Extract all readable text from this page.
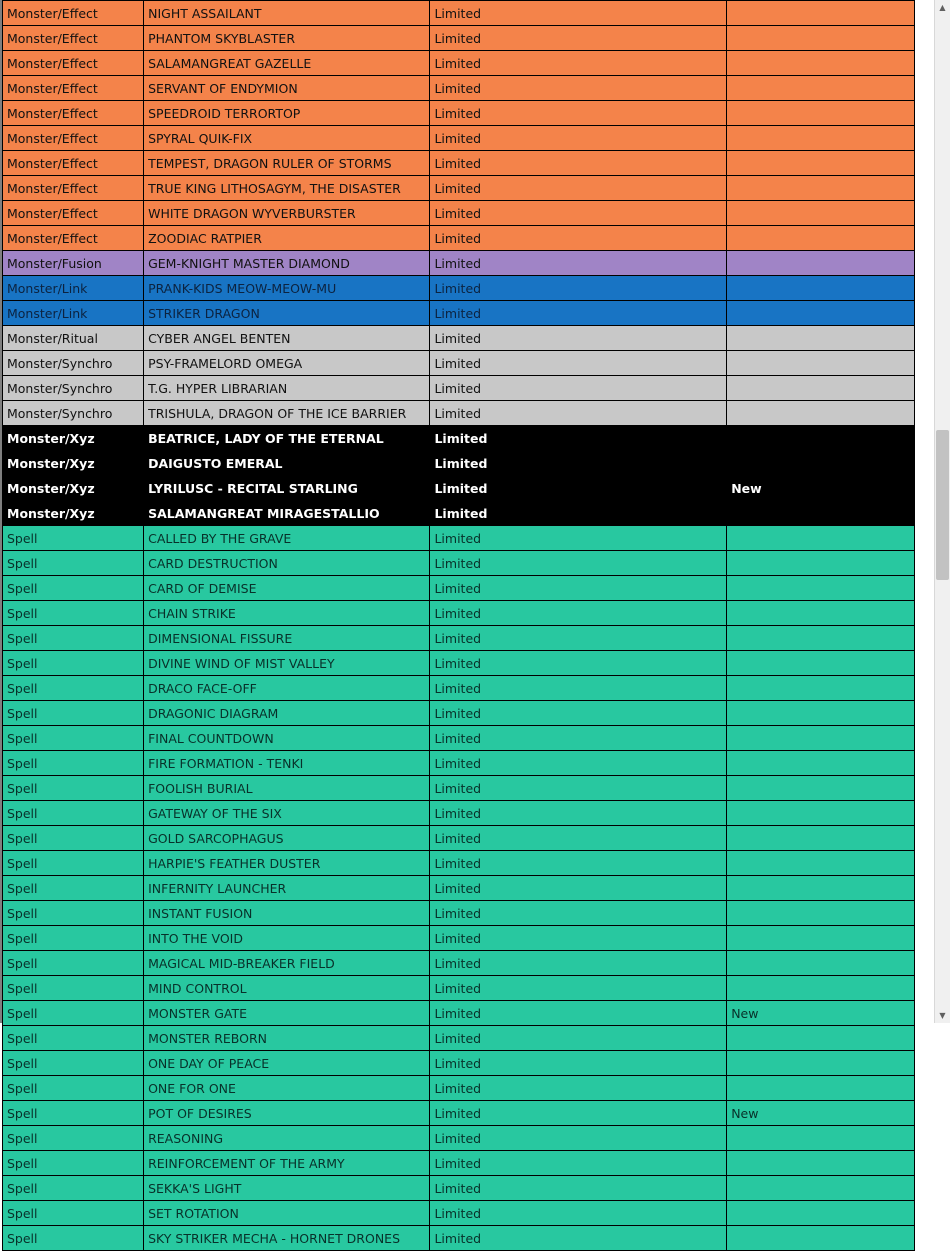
Monster/Effect	NIGHT ASSAILANT	Limited	
Monster/Effect	PHANTOM SKYBLASTER	Limited	
Monster/Effect	SALAMANGREAT GAZELLE	Limited	
Monster/Effect	SERVANT OF ENDYMION	Limited	
Monster/Effect	SPEEDROID TERRORTOP	Limited	
Monster/Effect	SPYRAL QUIK-FIX	Limited	
Monster/Effect	TEMPEST, DRAGON RULER OF STORMS	Limited	
Monster/Effect	TRUE KING LITHOSAGYM, THE DISASTER	Limited	
Monster/Effect	WHITE DRAGON WYVERBURSTER	Limited	
Monster/Effect	ZOODIAC RATPIER	Limited	
Monster/Fusion	GEM-KNIGHT MASTER DIAMOND	Limited	
Monster/Link	PRANK-KIDS MEOW-MEOW-MU	Limited	
Monster/Link	STRIKER DRAGON	Limited	
Monster/Ritual	CYBER ANGEL BENTEN	Limited	
Monster/Synchro	PSY-FRAMELORD OMEGA	Limited	
Monster/Synchro	T.G. HYPER LIBRARIAN	Limited	
Monster/Synchro	TRISHULA, DRAGON OF THE ICE BARRIER	Limited	
Monster/Xyz	BEATRICE, LADY OF THE ETERNAL	Limited	
Monster/Xyz	DAIGUSTO EMERAL	Limited	
Monster/Xyz	LYRILUSC - RECITAL STARLING	Limited	New
Monster/Xyz	SALAMANGREAT MIRAGESTALLIO	Limited	
Spell	CALLED BY THE GRAVE	Limited	
Spell	CARD DESTRUCTION	Limited	
Spell	CARD OF DEMISE	Limited	
Spell	CHAIN STRIKE	Limited	
Spell	DIMENSIONAL FISSURE	Limited	
Spell	DIVINE WIND OF MIST VALLEY	Limited	
Spell	DRACO FACE-OFF	Limited	
Spell	DRAGONIC DIAGRAM	Limited	
Spell	FINAL COUNTDOWN	Limited	
Spell	FIRE FORMATION - TENKI	Limited	
Spell	FOOLISH BURIAL	Limited	
Spell	GATEWAY OF THE SIX	Limited	
Spell	GOLD SARCOPHAGUS	Limited	
Spell	HARPIE'S FEATHER DUSTER	Limited	
Spell	INFERNITY LAUNCHER	Limited	
Spell	INSTANT FUSION	Limited	
Spell	INTO THE VOID	Limited	
Spell	MAGICAL MID-BREAKER FIELD	Limited	
Spell	MIND CONTROL	Limited	
Spell	MONSTER GATE	Limited	New
Spell	MONSTER REBORN	Limited	
Spell	ONE DAY OF PEACE	Limited	
Spell	ONE FOR ONE	Limited	
Spell	POT OF DESIRES	Limited	New
Spell	REASONING	Limited	
Spell	REINFORCEMENT OF THE ARMY	Limited	
Spell	SEKKA'S LIGHT	Limited	
Spell	SET ROTATION	Limited	
Spell	SKY STRIKER MECHA - HORNET DRONES	Limited	
▲
▼
